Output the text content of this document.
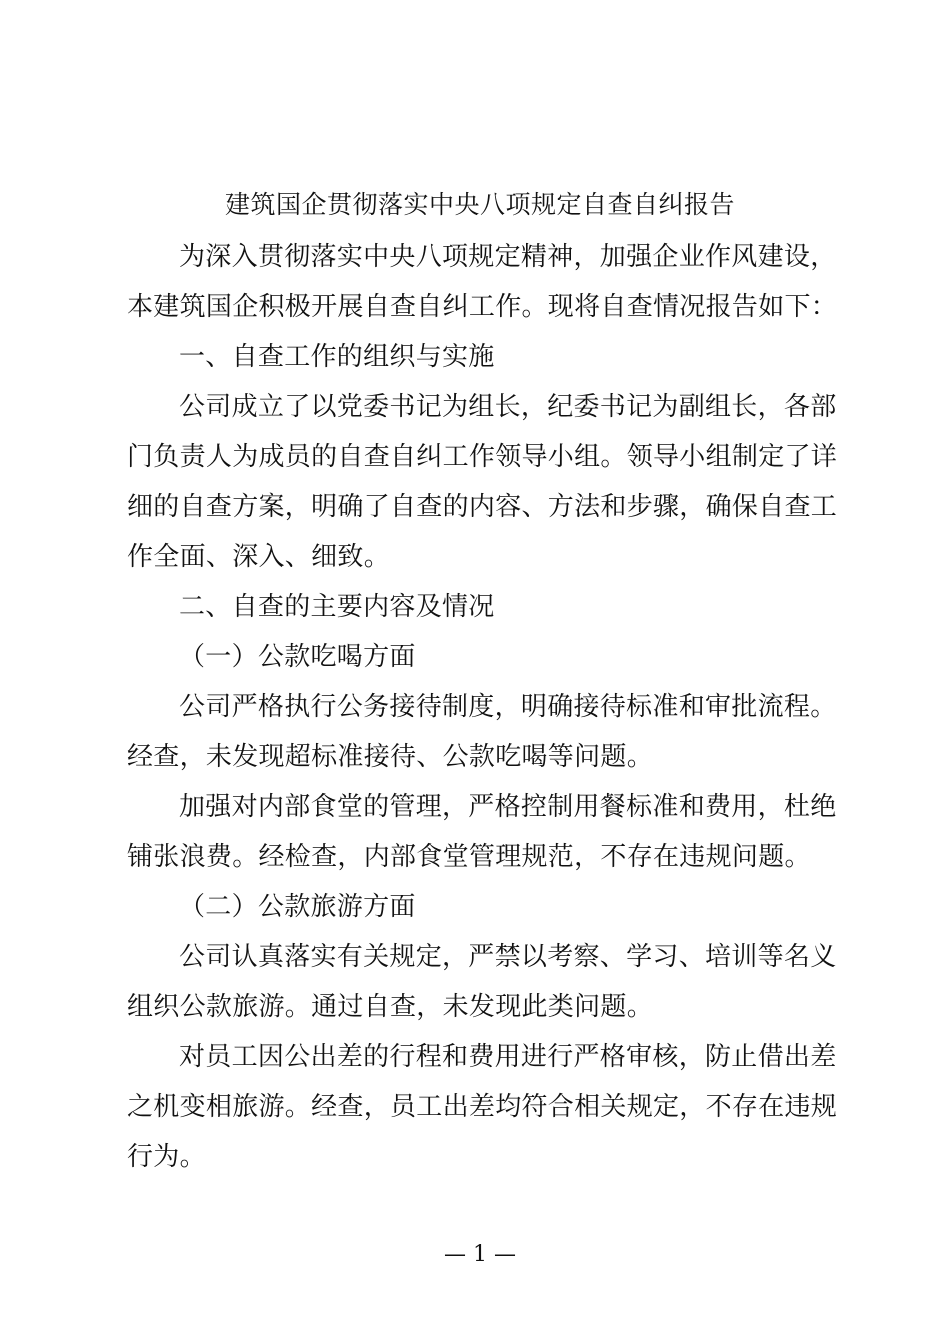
建筑国企贯彻落实中央八项规定自查自纠报告
为深入贯彻落实中央八项规定精神，加强企业作风建设，
本建筑国企积极开展自查自纠工作。现将自查情况报告如下：
一、自查工作的组织与实施
公司成立了以党委书记为组长，纪委书记为副组长，各部
门负责人为成员的自查自纠工作领导小组。领导小组制定了详
细的自查方案，明确了自查的内容、方法和步骤，确保自查工
作全面、深入、细致。
二、自查的主要内容及情况
（一）公款吃喝方面
公司严格执行公务接待制度，明确接待标准和审批流程。
经查，未发现超标准接待、公款吃喝等问题。
加强对内部食堂的管理，严格控制用餐标准和费用，杜绝
铺张浪费。经检查，内部食堂管理规范，不存在违规问题。
（二）公款旅游方面
公司认真落实有关规定，严禁以考察、学习、培训等名义
组织公款旅游。通过自查，未发现此类问题。
对员工因公出差的行程和费用进行严格审核，防止借出差
之机变相旅游。经查，员工出差均符合相关规定，不存在违规
行为。
— 1 —
